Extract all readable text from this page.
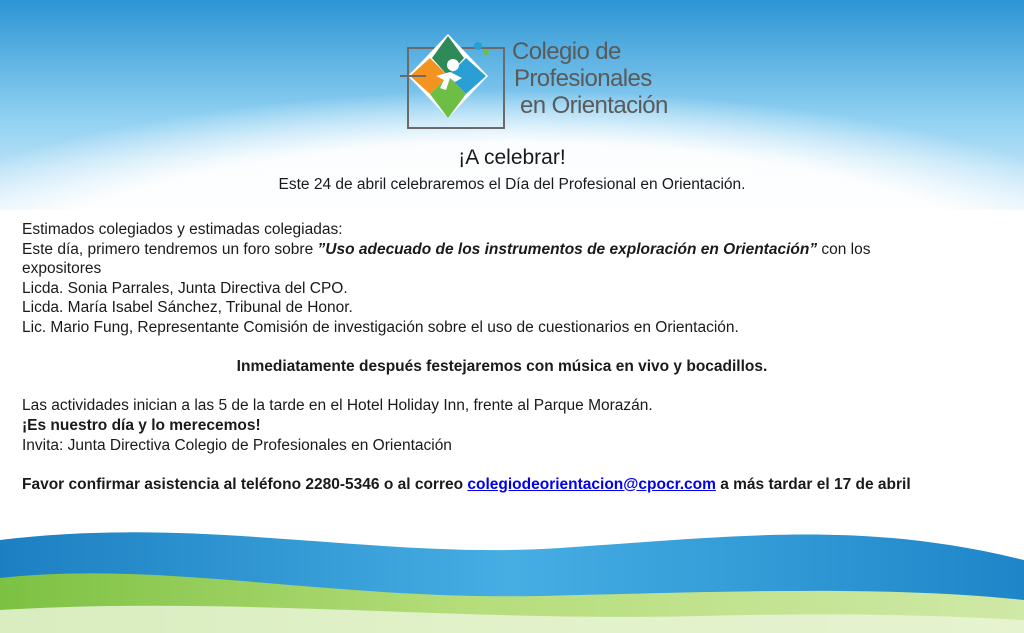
Colegio de
Profesionales
en Orientación
¡A celebrar!
Este 24 de abril celebraremos el Día del Profesional en Orientación.

Estimados colegiados y estimadas colegiadas:

Este día, primero tendremos un foro sobre ”Uso adecuado de los instrumentos de exploración en Orientación” con los

expositores

Licda. Sonia Parrales, Junta Directiva del CPO.

Licda. María Isabel Sánchez, Tribunal de Honor.

Lic. Mario Fung, Representante Comisión de investigación sobre el uso de cuestionarios en Orientación.

Inmediatamente después festejaremos con música en vivo y bocadillos.

Las actividades inician a las 5 de la tarde en el Hotel Holiday Inn, frente al Parque Morazán.

¡Es nuestro día y lo merecemos!

Invita: Junta Directiva Colegio de Profesionales en Orientación

Favor confirmar asistencia al teléfono 2280-5346 o al correo colegiodeorientacion@cpocr.com a más tardar el 17 de abril
